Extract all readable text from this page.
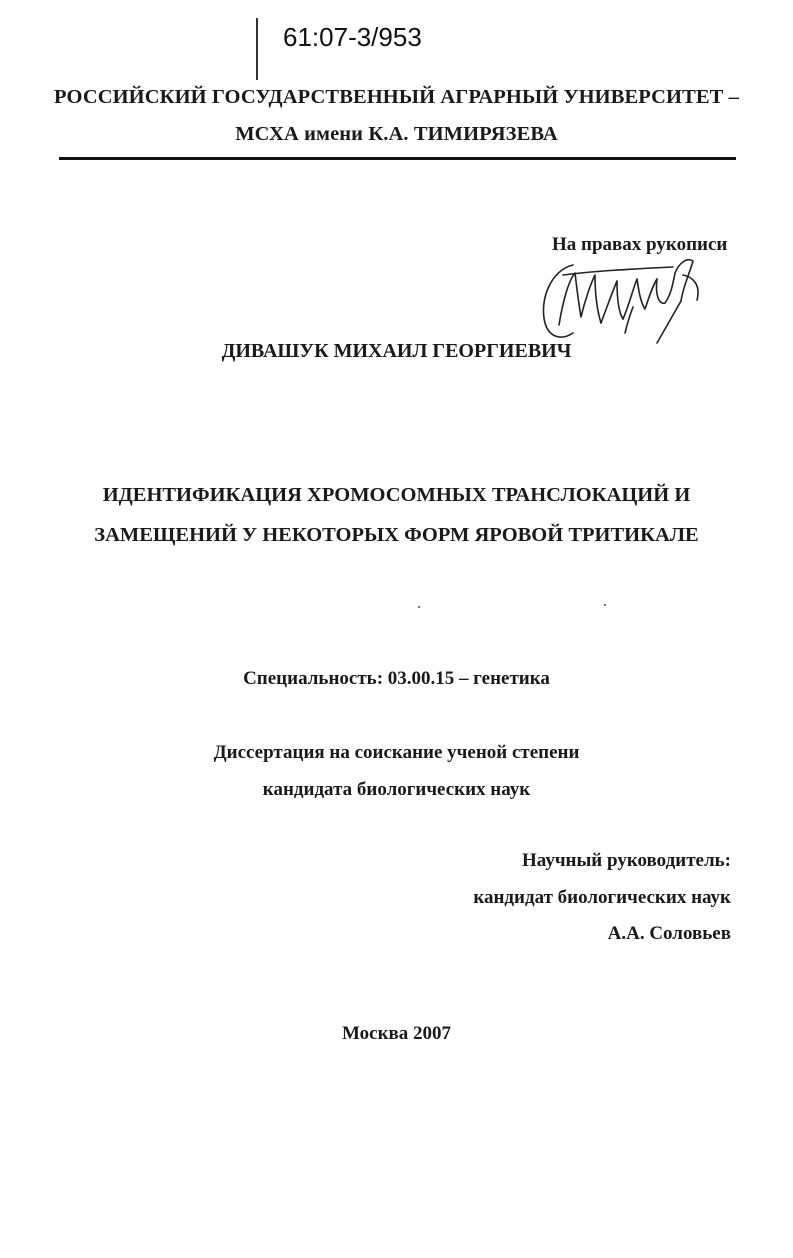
61:07-3/953
РОССИЙСКИЙ ГОСУДАРСТВЕННЫЙ АГРАРНЫЙ УНИВЕРСИТЕТ –
МСХА имени К.А. ТИМИРЯЗЕВА
На правах рукописи
ДИВАШУК МИХАИЛ ГЕОРГИЕВИЧ
ИДЕНТИФИКАЦИЯ ХРОМОСОМНЫХ ТРАНСЛОКАЦИЙ И
ЗАМЕЩЕНИЙ У НЕКОТОРЫХ ФОРМ ЯРОВОЙ ТРИТИКАЛЕ
Специальность: 03.00.15 – генетика
Диссертация на соискание ученой степени
кандидата биологических наук
Научный руководитель:
кандидат биологических наук
А.А. Соловьев
Москва 2007
